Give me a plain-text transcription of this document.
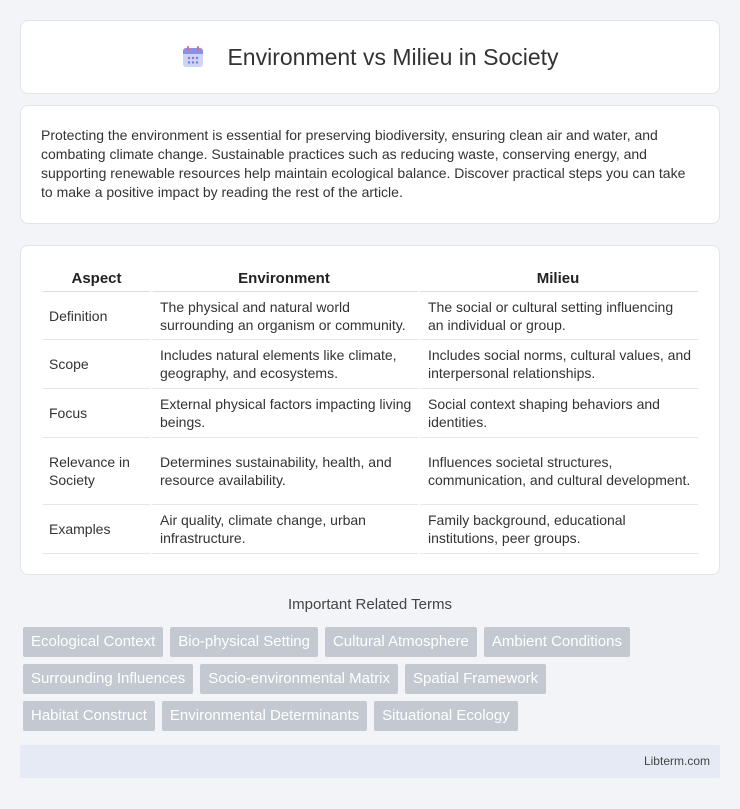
Environment vs Milieu in Society

Protecting the environment is essential for preserving biodiversity, ensuring clean air and water, and combating climate change. Sustainable practices such as reducing waste, conserving energy, and supporting renewable resources help maintain ecological balance. Discover practical steps you can take to make a positive impact by reading the rest of the article.

Aspect	Environment	Milieu
Definition	The physical and natural world surrounding an organism or community.	The social or cultural setting influencing an individual or group.
Scope	Includes natural elements like climate, geography, and ecosystems.	Includes social norms, cultural values, and interpersonal relationships.
Focus	External physical factors impacting living beings.	Social context shaping behaviors and identities.
Relevance in Society	Determines sustainability, health, and resource availability.	Influences societal structures, communication, and cultural development.
Examples	Air quality, climate change, urban infrastructure.	Family background, educational institutions, peer groups.
Important Related Terms
Ecological Context	Bio-physical Setting	Cultural Atmosphere	Ambient Conditions
Surrounding Influences	Socio-environmental Matrix	Spatial Framework
Habitat Construct	Environmental Determinants	Situational Ecology
Libterm.com
